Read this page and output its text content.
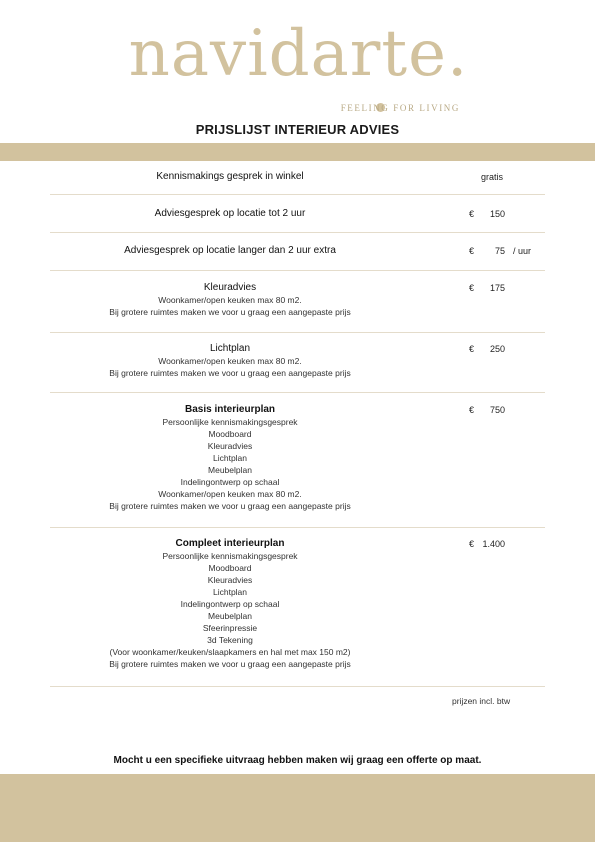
navidarte.
FEELING FOR LIVING
PRIJSLIJST INTERIEUR ADVIES
Kennismakings gesprek in winkel	gratis
Adviesgesprek op locatie tot 2 uur	€	150
Adviesgesprek op locatie langer dan 2 uur extra	€	75 / uur
Kleuradvies
Woonkamer/open keuken max 80 m2.
Bij grotere ruimtes maken we voor u graag een aangepaste prijs
€	175
Lichtplan
Woonkamer/open keuken max 80 m2.
Bij grotere ruimtes maken we voor u graag een aangepaste prijs
€	250
Basis interieurplan
Persoonlijke kennismakingsgesprek
Moodboard
Kleuradvies
Lichtplan
Meubelplan
Indelingontwerp op schaal
Woonkamer/open keuken max 80 m2.
Bij grotere ruimtes maken we voor u graag een aangepaste prijs
€	750
Compleet interieurplan
Persoonlijke kennismakingsgesprek
Moodboard
Kleuradvies
Lichtplan
Indelingontwerp op schaal
Meubelplan
Sfeerinpressie
3d Tekening
(Voor woonkamer/keuken/slaapkamers en hal met max 150 m2)
Bij grotere ruimtes maken we voor u graag een aangepaste prijs
€ 1.400
prijzen incl. btw
Mocht u een specifieke uitvraag hebben maken wij graag een offerte op maat.
